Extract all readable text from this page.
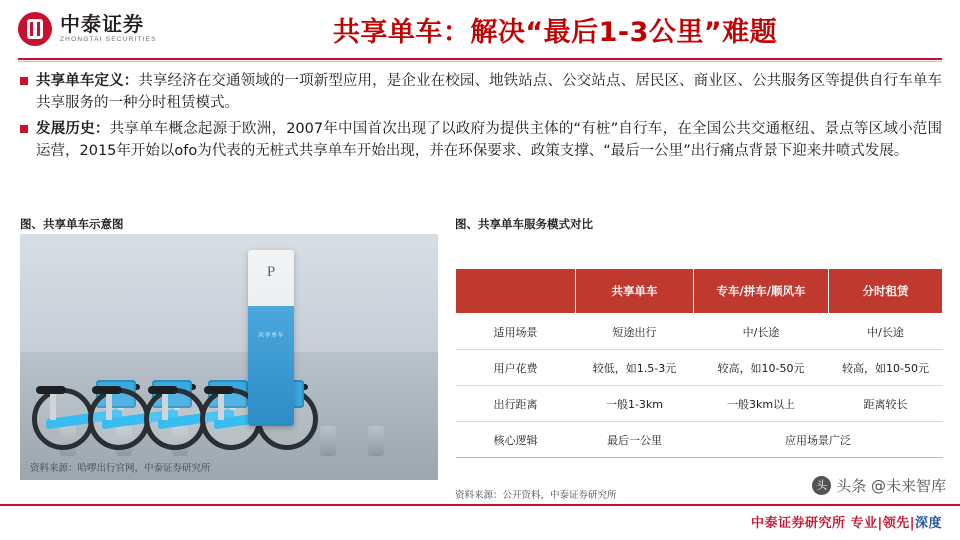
中泰证券
ZHONGTAI SECURITIES	共享单车：解决“最后1-3公里”难题
共享单车定义：共享经济在交通领域的一项新型应用，是企业在校园、地铁站点、公交站点、居民区、商业区、公共服务区等提供自行车单车共享服务的一种分时租赁模式。
发展历史：共享单车概念起源于欧洲，2007年中国首次出现了以政府为提供主体的“有桩”自行车，在全国公共交通枢纽、景点等区域小范围运营，2015年开始以ofo为代表的无桩式共享单车开始出现，并在环保要求、政策支撑、“最后一公里”出行痛点背景下迎来井喷式发展。
图、共享单车示意图	图、共享单车服务模式对比
P
共享单车
资料来源：哈啰出行官网，中泰证券研究所
	共享单车	专车/拼车/顺风车	分时租赁
适用场景	短途出行	中/长途	中/长途
用户花费	较低，如1.5-3元	较高，如10-50元	较高，如10-50元
出行距离	一般1-3km	一般3km以上	距离较长
核心逻辑	最后一公里	应用场景广泛	
资料来源：公开资料，中泰证券研究所
头 头条 @未来智库
中泰证券研究所 专业|领先|深度
